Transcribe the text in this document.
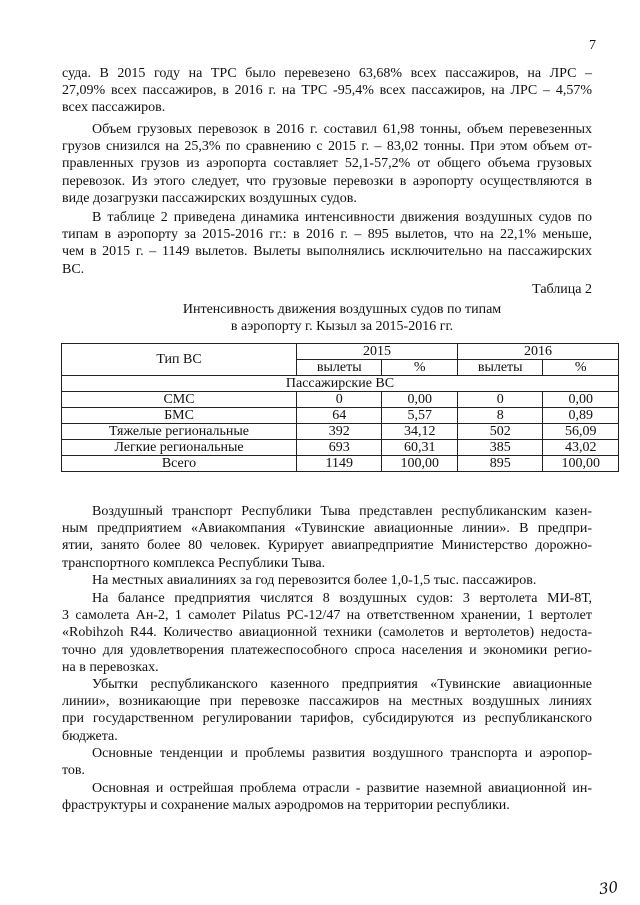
7
суда. В 2015 году на ТРС было перевезено 63,68% всех пассажиров, на ЛРС –
27,09% всех пассажиров, в 2016 г. на ТРС -95,4% всех пассажиров, на ЛРС – 4,57%
всех пассажиров.
Объем грузовых перевозок в 2016 г. составил 61,98 тонны, объем перевезенных
грузов снизился на 25,3% по сравнению с 2015 г. – 83,02 тонны. При этом объем от-
правленных грузов из аэропорта составляет 52,1-57,2% от общего объема грузовых
перевозок. Из этого следует, что грузовые перевозки в аэропорту осуществляются в
виде дозагрузки пассажирских воздушных судов.
В таблице 2 приведена динамика интенсивности движения воздушных судов по
типам в аэропорту за 2015-2016 гг.: в 2016 г. – 895 вылетов, что на 22,1% меньше,
чем в 2015 г. – 1149 вылетов. Вылеты выполнялись исключительно на пассажирских
ВС.
Таблица 2
Интенсивность движения воздушных судов по типам
в аэропорту г. Кызыл за 2015-2016 гг.
Тип ВС	2015		2016	
	вылеты	%	вылеты	%
Пассажирские ВС				
СМС	0	0,00	0	0,00
БМС	64	5,57	8	0,89
Тяжелые региональные	392	34,12	502	56,09
Легкие региональные	693	60,31	385	43,02
Всего	1149	100,00	895	100,00
Воздушный транспорт Республики Тыва представлен республиканским казен-
ным предприятием «Авиакомпания «Тувинские авиационные линии». В предпри-
ятии, занято более 80 человек. Курирует авиапредприятие Министерство дорожно-
транспортного комплекса Республики Тыва.
На местных авиалиниях за год перевозится более 1,0-1,5 тыс. пассажиров.
На балансе предприятия числятся 8 воздушных судов: 3 вертолета МИ-8Т,
3 самолета Ан-2, 1 самолет Pilatus PC-12/47 на ответственном хранении, 1 вертолет
«Robihzoh R44. Количество авиационной техники (самолетов и вертолетов) недоста-
точно для удовлетворения платежеспособного спроса населения и экономики регио-
на в перевозках.
Убытки республиканского казенного предприятия «Тувинские авиационные
линии», возникающие при перевозке пассажиров на местных воздушных линиях
при государственном регулировании тарифов, субсидируются из республиканского
бюджета.
Основные тенденции и проблемы развития воздушного транспорта и аэропор-
тов.
Основная и острейшая проблема отрасли - развитие наземной авиационной ин-
фраструктуры и сохранение малых аэродромов на территории республики.
30
